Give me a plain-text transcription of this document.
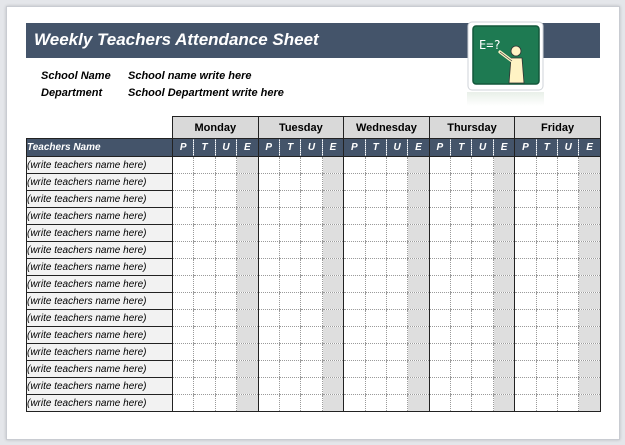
Weekly Teachers Attendance Sheet	E=?
School Name School name write here
Department School Department write here
	Monday				Tuesday				Wednesday				Thursday				Friday			
Teachers Name	P	T	U	E	P	T	U	E	P	T	U	E	P	T	U	E	P	T	U	E
(write teachers name here)																				
(write teachers name here)																				
(write teachers name here)																				
(write teachers name here)																				
(write teachers name here)																				
(write teachers name here)																				
(write teachers name here)																				
(write teachers name here)																				
(write teachers name here)																				
(write teachers name here)																				
(write teachers name here)																				
(write teachers name here)																				
(write teachers name here)																				
(write teachers name here)																				
(write teachers name here)																				
